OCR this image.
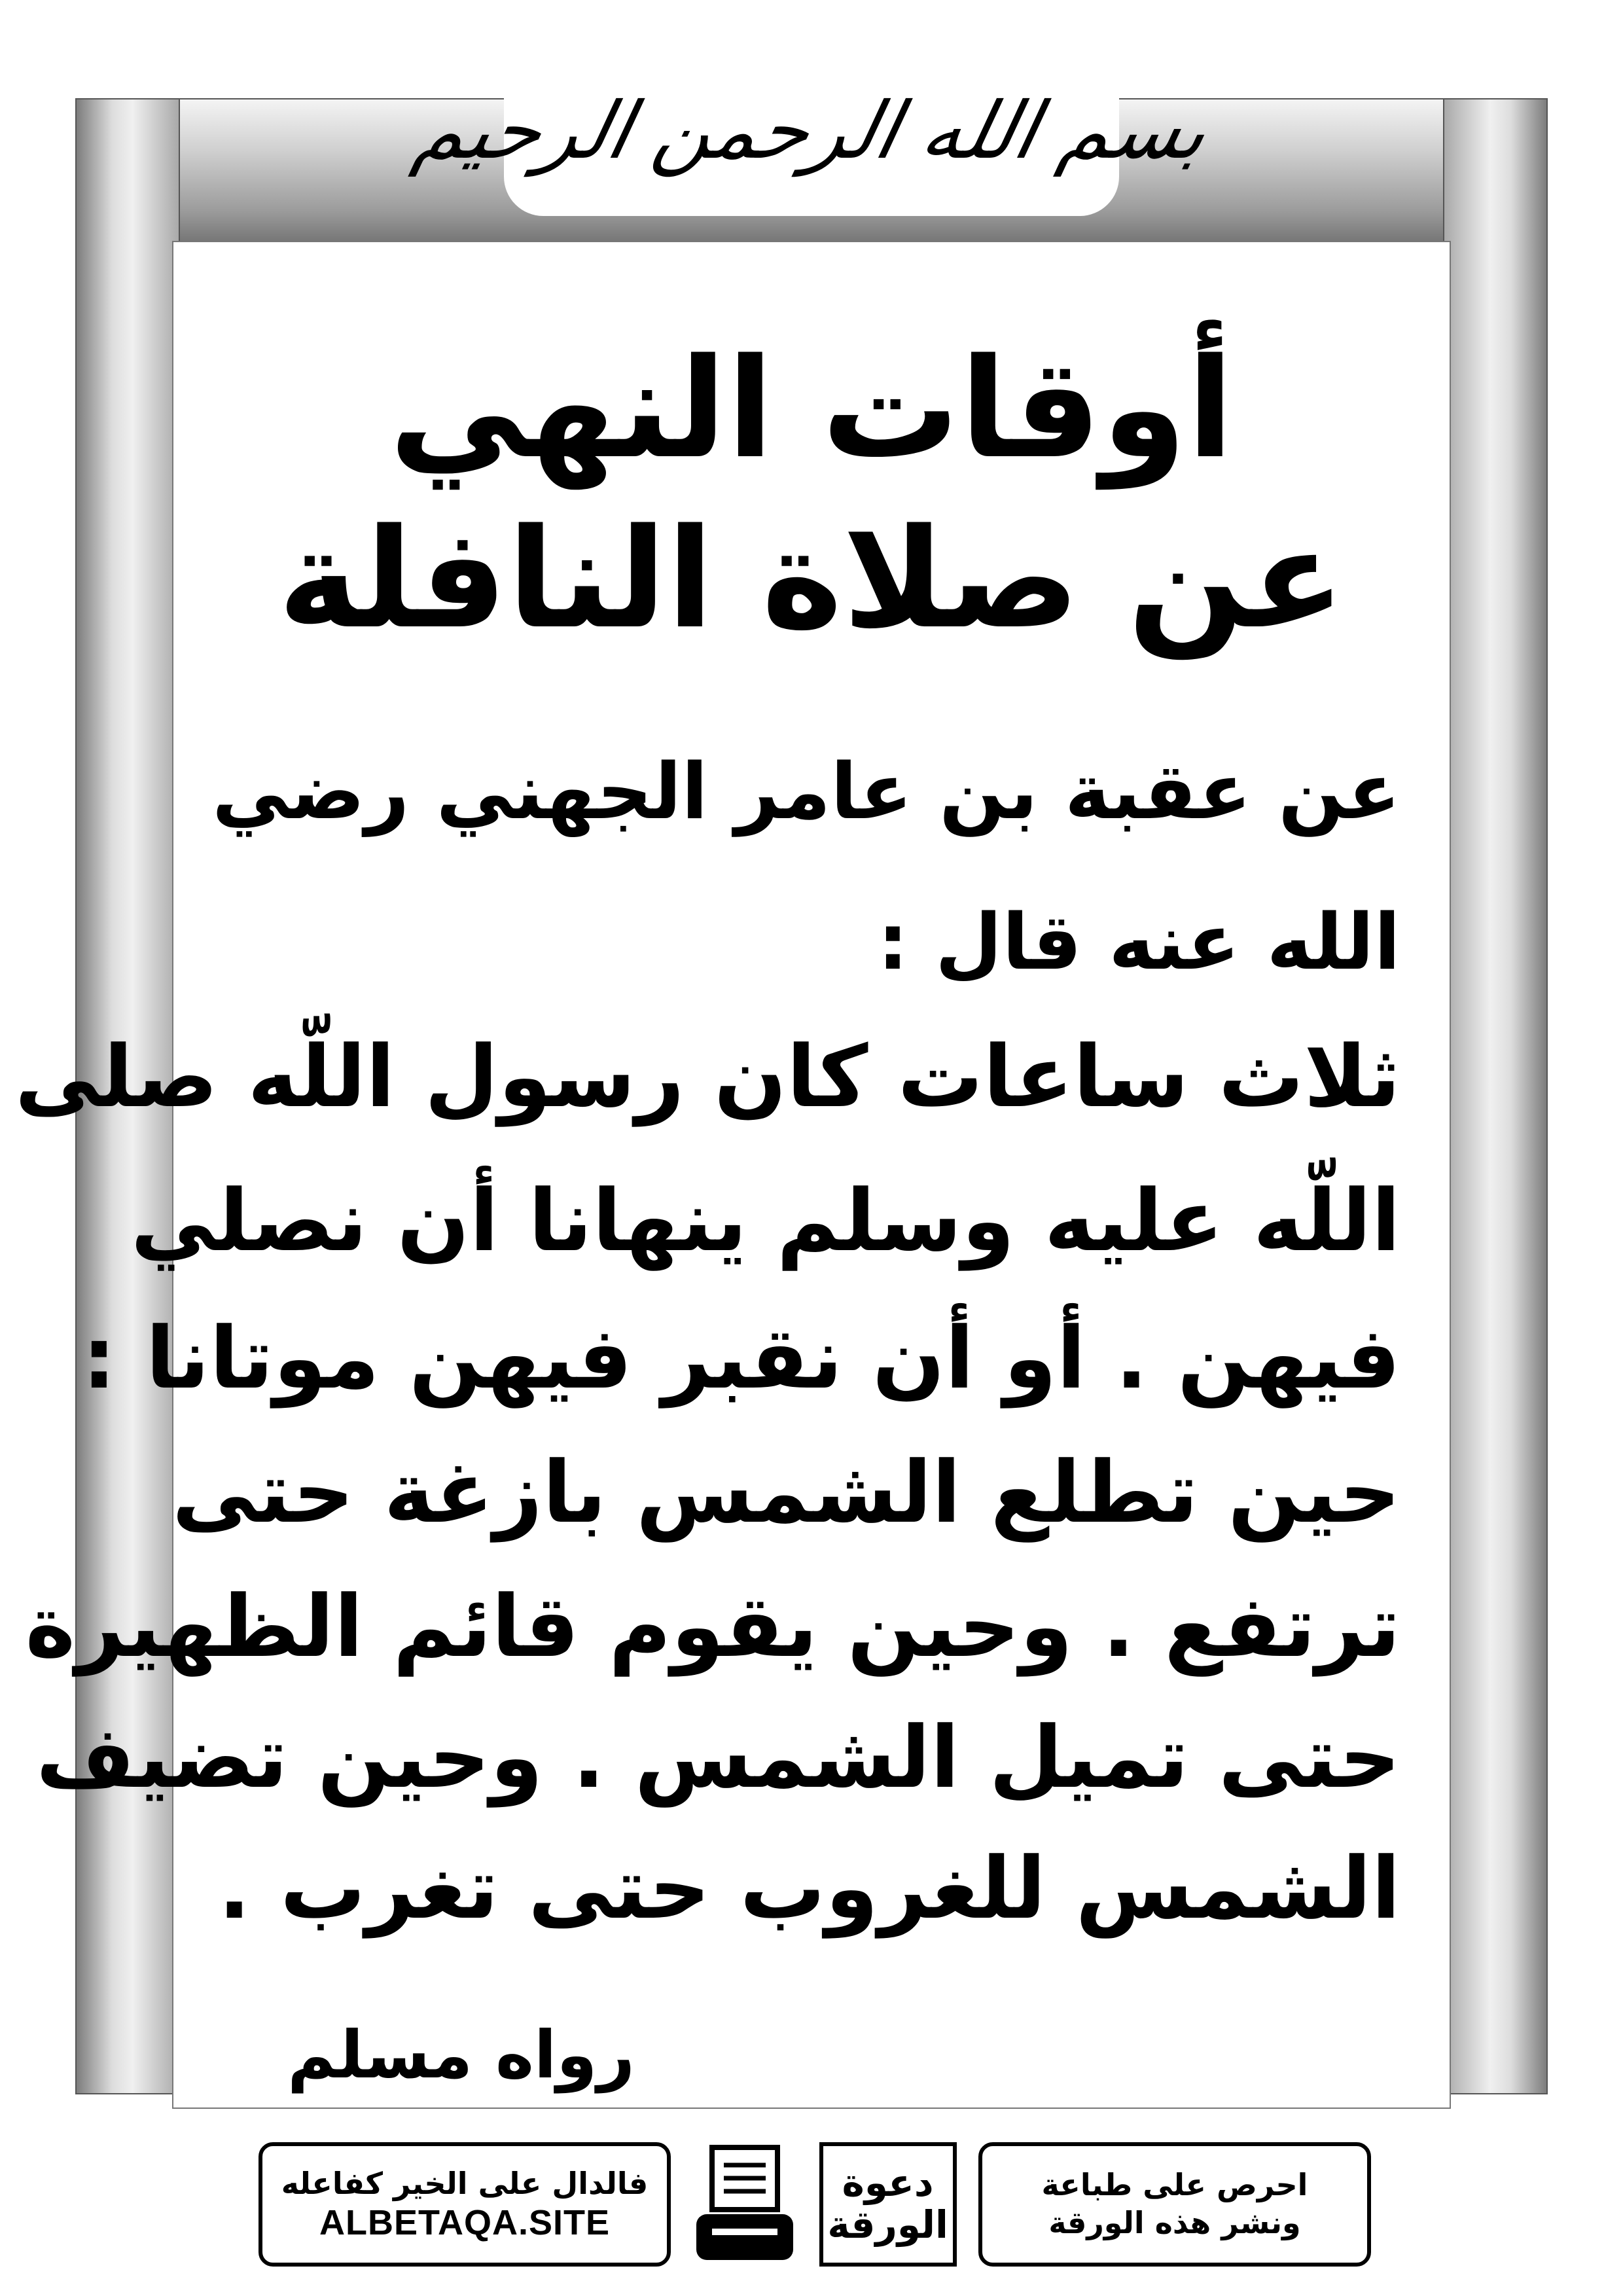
بسم الله الرحمن الرحيم
أوقات النهي
عن صلاة النافلة
عن عقبة بن عامر الجهني رضي
الله عنه قال :
ثلاث ساعات كان رسول اللّه صلى
اللّه عليه وسلم ينهانا أن نصلي
فيهن . أو أن نقبر فيهن موتانا :
حين تطلع الشمس بازغة حتى
ترتفع . وحين يقوم قائم الظهيرة
حتى تميل الشمس . وحين تضيف
الشمس للغروب حتى تغرب .
رواه مسلم
فالدال على الخير كفاعله
ALBETAQA.SITE
دعوة
الورقة
احرص على طباعة
ونشر هذه الورقة
